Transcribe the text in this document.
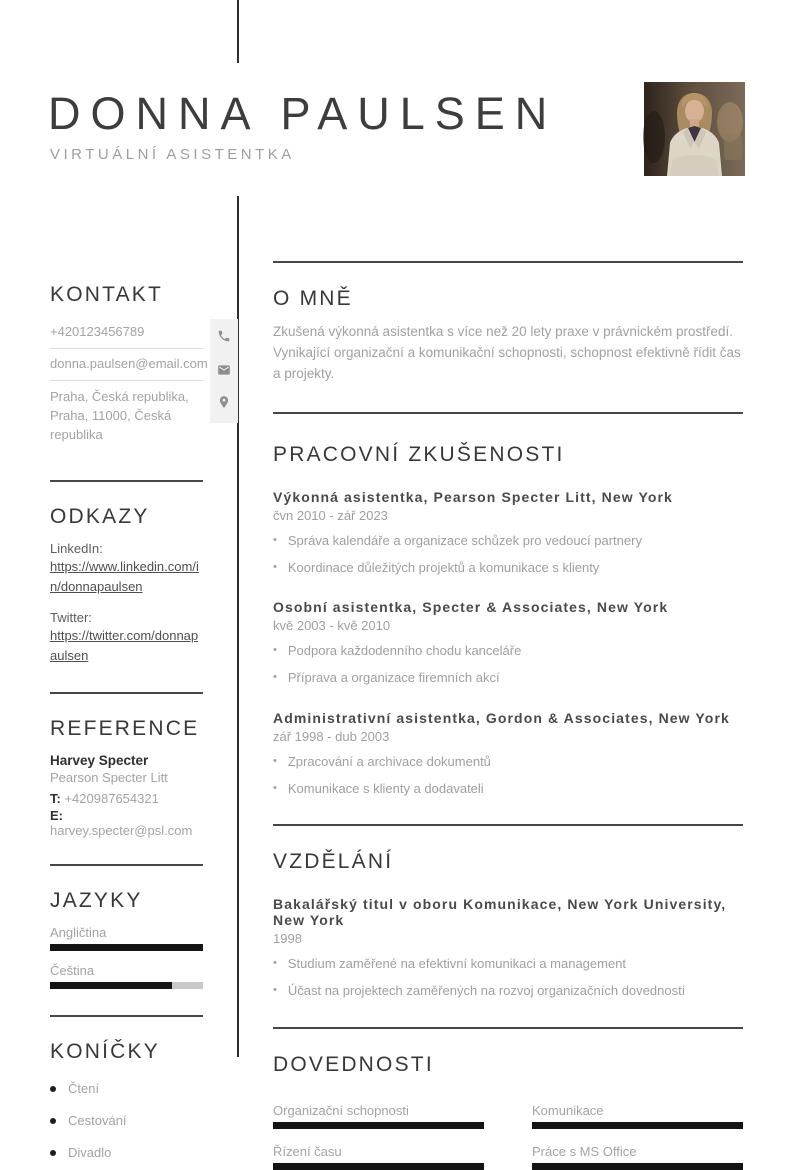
DONNA PAULSEN
VIRTUÁLNÍ ASISTENTKA
KONTAKT
+420123456789
donna.paulsen@email.com
Praha, Česká republika,
Praha, 11000, Česká republika
ODKAZY
LinkedIn:
https://www.linkedin.com/in/donnapaulsen
Twitter:
https://twitter.com/donnapaulsen
REFERENCE
Harvey Specter
Pearson Specter Litt
T: +420987654321
E: harvey.specter@psl.com
JAZYKY
Angličtina
Čeština
KONÍČKY
Čtení
Cestování
Divadlo
O MNĚ

Zkušená výkonná asistentka s více než 20 lety praxe v právnickém prostředí. Vynikající organizační a komunikační schopnosti, schopnost efektivně řídit čas a projekty.

PRACOVNÍ ZKUŠENOSTI
Výkonná asistentka, Pearson Specter Litt, New York
čvn 2010 - zář 2023
• Správa kalendáře a organizace schůzek pro vedoucí partnery
• Koordinace důležitých projektů a komunikace s klienty
Osobní asistentka, Specter & Associates, New York
kvě 2003 - kvě 2010
• Podpora každodenního chodu kanceláře
• Příprava a organizace firemních akcí
Administrativní asistentka, Gordon & Associates, New York
zář 1998 - dub 2003
• Zpracování a archivace dokumentů
• Komunikace s klienty a dodavateli
VZDĚLÁNÍ
Bakalářský titul v oboru Komunikace, New York University, New York
1998
• Studium zaměřené na efektivní komunikaci a management
• Účast na projektech zaměřených na rozvoj organizačních dovedností
DOVEDNOSTI
Organizační schopnosti	Komunikace
Řízení času	Práce s MS Office
